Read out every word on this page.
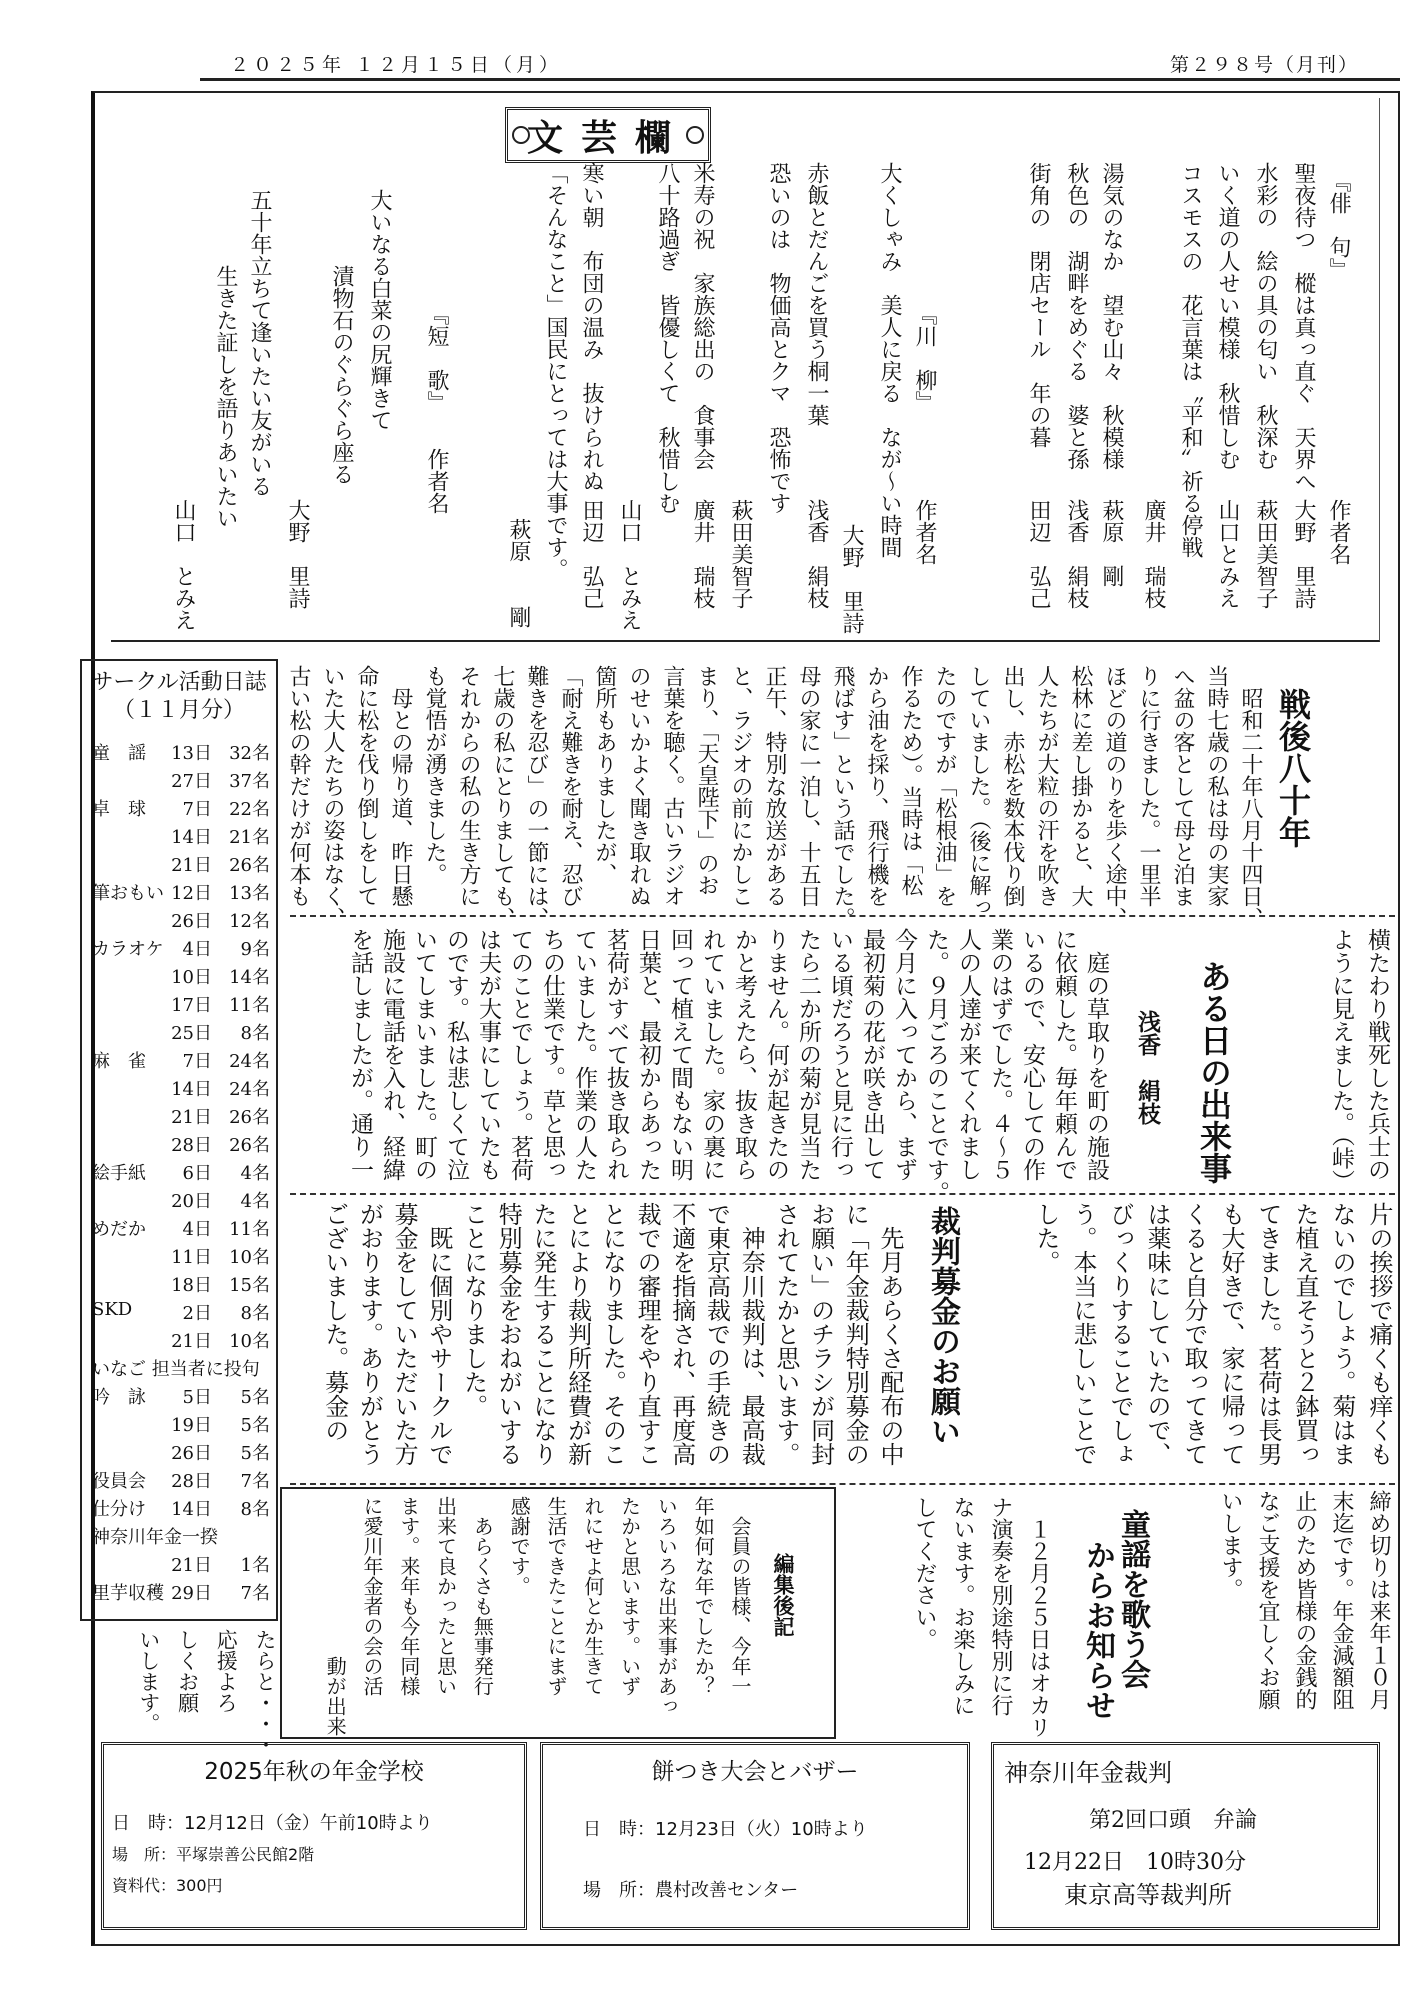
２０２５年 １２月１５日（月）	第２９８号（月刊）
文芸欄
『俳　句』
作者名
聖夜待つ　樅は真っ直ぐ　天界へ
大野　里詩
水彩の　絵の具の匂い　秋深む
萩田美智子
いく道の人せい模様　秋惜しむ
山口とみえ
コスモスの　花言葉は〝平和〟祈る停戦
廣井　瑞枝
湯気のなか　望む山々　秋模様
萩原　剛
秋色の　湖畔をめぐる　婆と孫
浅香　絹枝
街角の　閉店セール　年の暮
田辺　弘己
『川　柳』
作者名
大くしゃみ　美人に戻る　なが～い時間
大野　里詩
赤飯とだんごを買う桐一葉
浅香　絹枝
恐いのは　物価高とクマ　恐怖です
萩田美智子
米寿の祝　家族総出の　食事会
廣井　瑞枝
八十路過ぎ　皆優しくて　秋惜しむ
山口　とみえ
寒い朝　布団の温み　抜けられぬ
田辺　弘己
「そんなこと」国民にとっては大事です。
萩原　　剛
『短　歌』
作者名
大いなる白菜の尻輝きて
漬物石のぐらぐら座る
大野　里詩
五十年立ちて逢いたい友がいる
生きた証しを語りあいたい
山口　とみえ
戦後八十年
　昭和二十年八月十四日、
当時七歳の私は母の実家
へ盆の客として母と泊ま
りに行きました。一里半
ほどの道のりを歩く途中、
松林に差し掛かると、大
人たちが大粒の汗を吹き
出し、赤松を数本伐り倒
していました。（後に解っ
たのですが「松根油」を
作るため）。当時は「松
から油を採り、飛行機を
飛ばす」という話でした。
母の家に一泊し、十五日
正午、特別な放送がある
と、ラジオの前にかしこ
まり、「天皇陛下」のお
言葉を聴く。古いラジオ
のせいかよく聞き取れぬ
箇所もありましたが、
「耐え難きを耐え、忍び
難きを忍び」の一節には、
七歳の私にとりましても、
それからの私の生き方に
も覚悟が湧きました。
　母との帰り道、昨日懸
命に松を伐り倒しをして
いた大人たちの姿はなく、
古い松の幹だけが何本も
横たわり戦死した兵士の
ように見えました。（峠）
ある日の出来事
浅香　絹枝
　庭の草取りを町の施設
に依頼した。毎年頼んで
いるので、安心しての作
業のはずでした。４～５
人の人達が来てくれまし
た。９月ごろのことです。
今月に入ってから、まず
最初菊の花が咲き出して
いる頃だろうと見に行っ
たら二か所の菊が見当た
りません。何が起きたの
かと考えたら、抜き取ら
れていました。家の裏に
回って植えて間もない明
日葉と、最初からあった
茗荷がすべて抜き取られ
ていました。作業の人た
ちの仕業です。草と思っ
てのことでしょう。茗荷
は夫が大事にしていたも
のです。私は悲しくて泣
いてしまいました。町の
施設に電話を入れ、経緯
を話しましたが。通り一
片の挨拶で痛くも痒くも
ないのでしょう。菊はま
た植え直そうと２鉢買っ
てきました。茗荷は長男
も大好きで、家に帰って
くると自分で取ってきて
は薬味にしていたので、
びっくりすることでしょ
う。本当に悲しいことで
した。
裁判募金のお願い
　先月あらくさ配布の中
に「年金裁判特別募金の
お願い」のチラシが同封
されてたかと思います。
　神奈川裁判は、最高裁
で東京高裁での手続きの
不適を指摘され、再度高
裁での審理をやり直すこ
とになりました。そのこ
とにより裁判所経費が新
たに発生することになり
特別募金をおねがいする
ことになりました。
　既に個別やサークルで
募金をしていただいた方
がおります。ありがとう
ございました。募金の
締め切りは来年１０月
末迄です。年金減額阻
止のため皆様の金銭的
なご支援を宜しくお願
いします。
童謡を歌う会
からお知らせ
　１２月２５日はオカリ
ナ演奏を別途特別に行
ないます。お楽しみに
してください。
編集後記
　会員の皆様、今年一
年如何な年でしたか？
いろいろな出来事があっ
たかと思います。いず
れにせよ何とか生きて
生活できたことにまず
感謝です。
　あらくさも無事発行
出来て良かったと思い
ます。来年も今年同様
に愛川年金者の会の活
動が出来
たらと・・・
応援よろ
しくお願
いします。
サークル活動日誌
（１１月分）
童　謡 13日 32名
27日 37名
卓　球 7日 22名
14日 21名
21日 26名
筆おもい 12日 13名
26日 12名
カラオケ 4日 9名
10日 14名
17日 11名
25日 8名
麻　雀 7日 24名
14日 24名
21日 26名
28日 26名
絵手紙 6日 4名
20日 4名
めだか 4日 11名
11日 10名
18日 15名
SKD	2日 8名
21日 10名
いなご 担当者に投句
吟　詠 5日 5名
19日 5名
26日 5名
役員会 28日 7名
仕分け 14日 8名
神奈川年金一揆
21日 1名
里芋収穫 29日 7名
2025年秋の年金学校
日　時：12月12日（金）午前10時より
場　所：平塚崇善公民館2階
資料代：300円
餅つき大会とバザー
日　時：12月23日（火）10時より
場　所：農村改善センター
神奈川年金裁判
第2回口頭　弁論
12月22日　10時30分
東京高等裁判所
